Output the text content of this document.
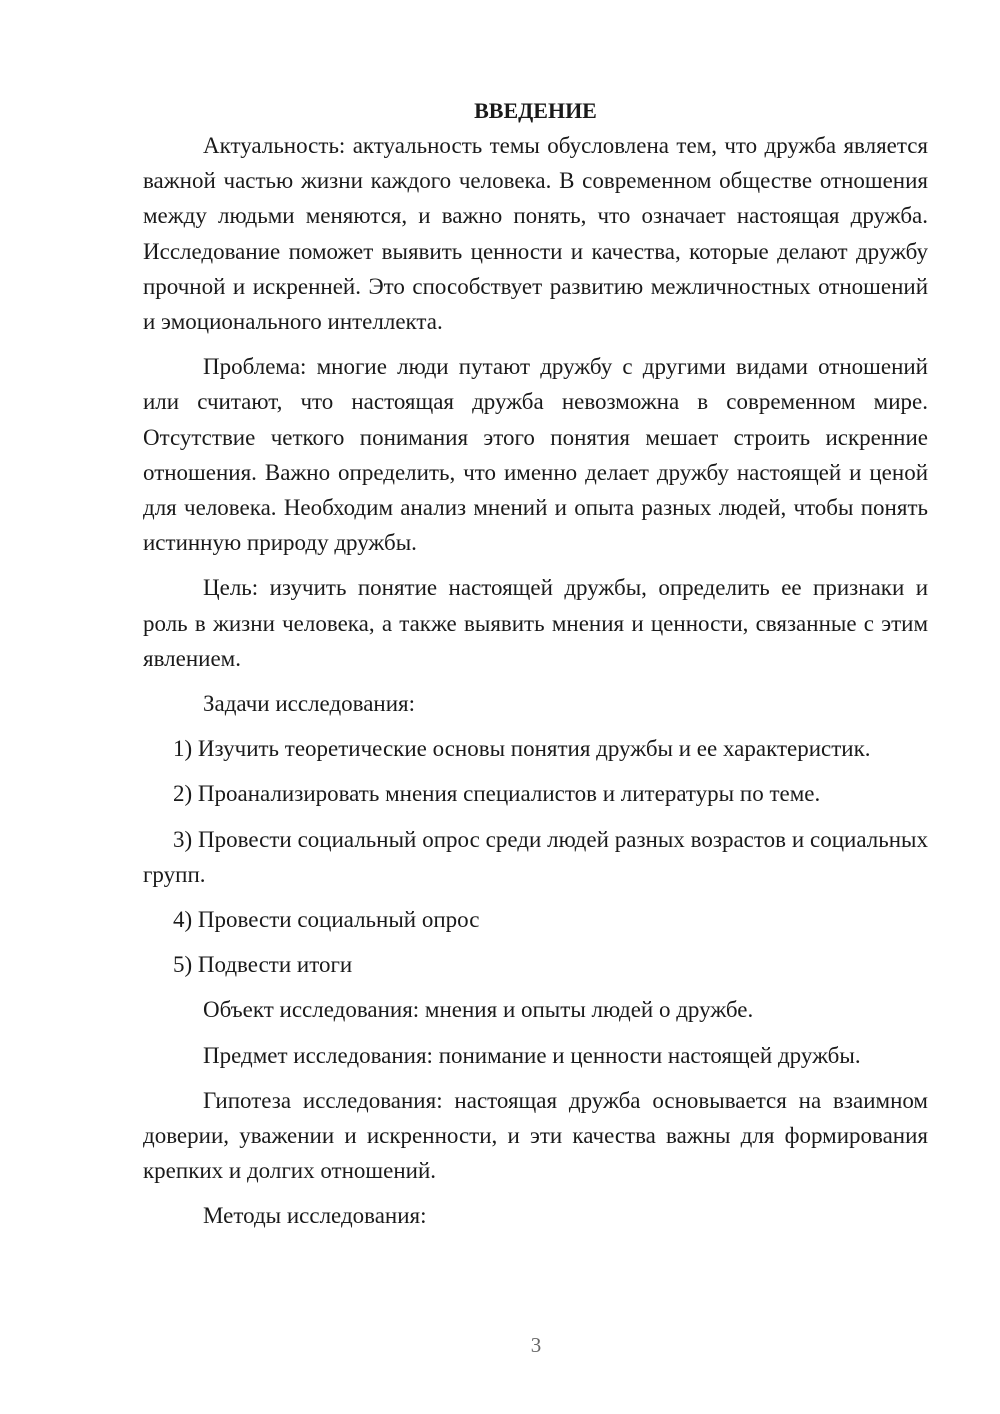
ВВЕДЕНИЕ

Актуальность: актуальность темы обусловлена тем, что дружба является важной частью жизни каждого человека. В современном обществе отношения между людьми меняются, и важно понять, что означает настоящая дружба. Исследование поможет выявить ценности и качества, которые делают дружбу прочной и искренней. Это способствует развитию межличностных отношений и эмоционального интеллекта.

Проблема: многие люди путают дружбу с другими видами отношений или считают, что настоящая дружба невозможна в современном мире. Отсутствие четкого понимания этого понятия мешает строить искренние отношения. Важно определить, что именно делает дружбу настоящей и ценой для человека. Необходим анализ мнений и опыта разных людей, чтобы понять истинную природу дружбы.

Цель: изучить понятие настоящей дружбы, определить ее признаки и роль в жизни человека, а также выявить мнения и ценности, связанные с этим явлением.

Задачи исследования:

1) Изучить теоретические основы понятия дружбы и ее характеристик.

2) Проанализировать мнения специалистов и литературы по теме.

3) Провести социальный опрос среди людей разных возрастов и социальных групп.

4) Провести социальный опрос

5) Подвести итоги

Объект исследования: мнения и опыты людей о дружбе.

Предмет исследования: понимание и ценности настоящей дружбы.

Гипотеза исследования: настоящая дружба основывается на взаимном доверии, уважении и искренности, и эти качества важны для формирования крепких и долгих отношений.

Методы исследования:

3
